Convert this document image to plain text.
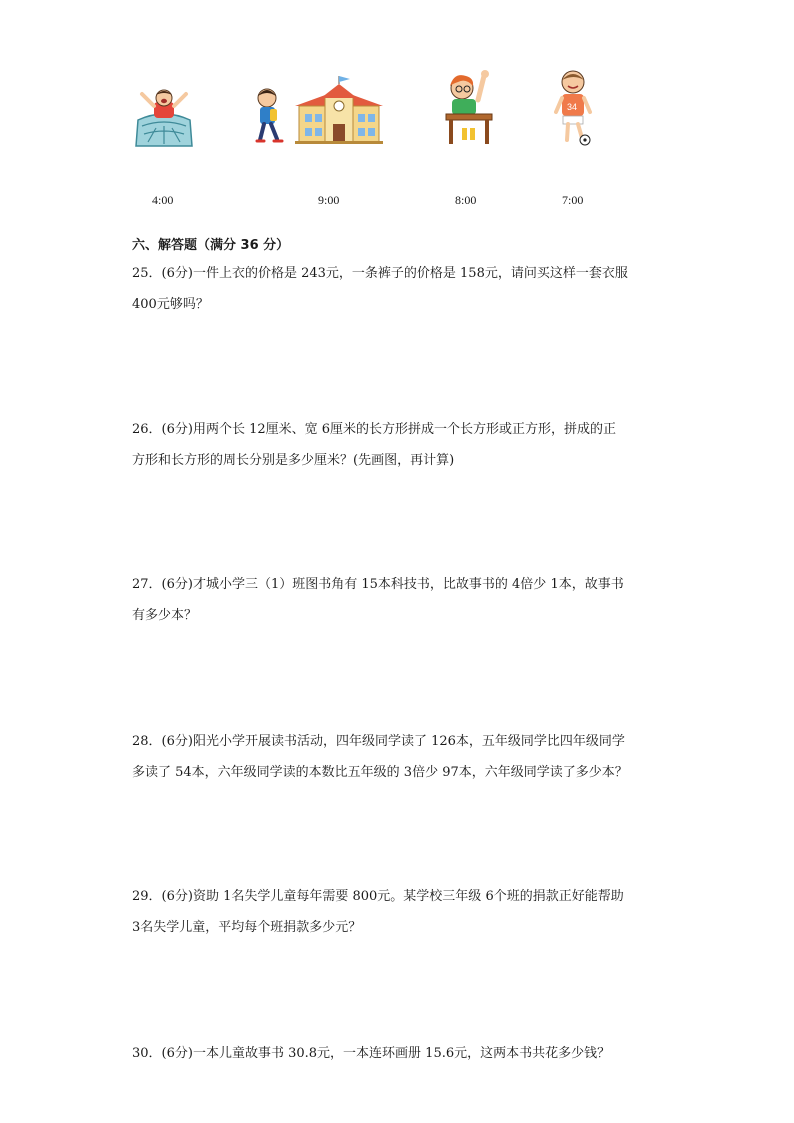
34
4:00	9:00	8:00	7:00
六、解答题（满分 36 分）

25．(6分)一件上衣的价格是 243元，一条裤子的价格是 158元，请问买这样一套衣服

400元够吗？

26．(6分)用两个长 12厘米、宽 6厘米的长方形拼成一个长方形或正方形，拼成的正

方形和长方形的周长分别是多少厘米？(先画图，再计算)

27．(6分)才城小学三（1）班图书角有 15本科技书，比故事书的 4倍少 1本，故事书

有多少本？

28．(6分)阳光小学开展读书活动，四年级同学读了 126本，五年级同学比四年级同学

多读了 54本，六年级同学读的本数比五年级的 3倍少 97本，六年级同学读了多少本？

29．(6分)资助 1名失学儿童每年需要 800元。某学校三年级 6个班的捐款正好能帮助

3名失学儿童，平均每个班捐款多少元？

30．(6分)一本儿童故事书 30.8元，一本连环画册 15.6元，这两本书共花多少钱？
